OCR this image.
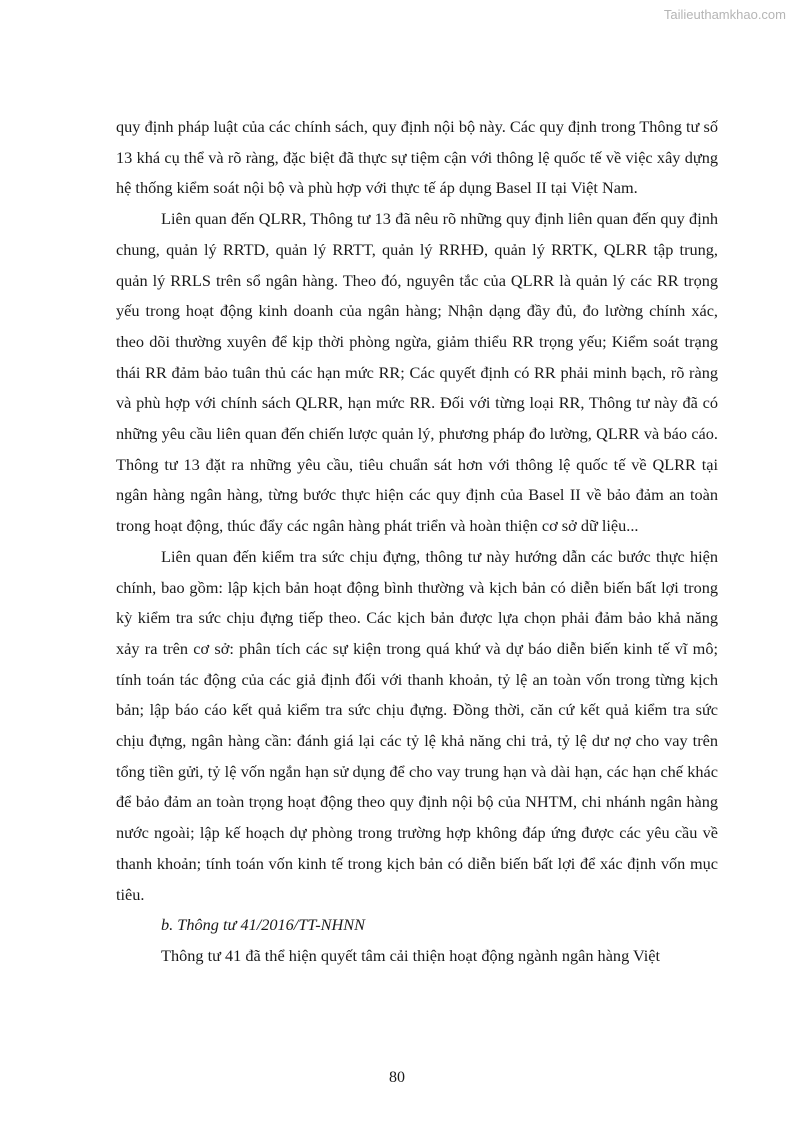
Tailieuthamkhao.com

quy định pháp luật của các chính sách, quy định nội bộ này. Các quy định trong Thông tư số 13 khá cụ thể và rõ ràng, đặc biệt đã thực sự tiệm cận với thông lệ quốc tế về việc xây dựng hệ thống kiểm soát nội bộ và phù hợp với thực tế áp dụng Basel II tại Việt Nam.

Liên quan đến QLRR, Thông tư 13 đã nêu rõ những quy định liên quan đến quy định chung, quản lý RRTD, quản lý RRTT, quản lý RRHĐ, quản lý RRTK, QLRR tập trung, quản lý RRLS trên sổ ngân hàng. Theo đó, nguyên tắc của QLRR là quản lý các RR trọng yếu trong hoạt động kinh doanh của ngân hàng; Nhận dạng đầy đủ, đo lường chính xác, theo dõi thường xuyên để kịp thời phòng ngừa, giảm thiểu RR trọng yếu; Kiểm soát trạng thái RR đảm bảo tuân thủ các hạn mức RR; Các quyết định có RR phải minh bạch, rõ ràng và phù hợp với chính sách QLRR, hạn mức RR. Đối với từng loại RR, Thông tư này đã có những yêu cầu liên quan đến chiến lược quản lý, phương pháp đo lường, QLRR và báo cáo. Thông tư 13 đặt ra những yêu cầu, tiêu chuẩn sát hơn với thông lệ quốc tế về QLRR tại ngân hàng ngân hàng, từng bước thực hiện các quy định của Basel II về bảo đảm an toàn trong hoạt động, thúc đẩy các ngân hàng phát triển và hoàn thiện cơ sở dữ liệu...

Liên quan đến kiểm tra sức chịu đựng, thông tư này hướng dẫn các bước thực hiện chính, bao gồm: lập kịch bản hoạt động bình thường và kịch bản có diễn biến bất lợi trong kỳ kiểm tra sức chịu đựng tiếp theo. Các kịch bản được lựa chọn phải đảm bảo khả năng xảy ra trên cơ sở: phân tích các sự kiện trong quá khứ và dự báo diễn biến kinh tế vĩ mô; tính toán tác động của các giả định đối với thanh khoản, tỷ lệ an toàn vốn trong từng kịch bản; lập báo cáo kết quả kiểm tra sức chịu đựng. Đồng thời, căn cứ kết quả kiểm tra sức chịu đựng, ngân hàng cần: đánh giá lại các tỷ lệ khả năng chi trả, tỷ lệ dư nợ cho vay trên tổng tiền gửi, tỷ lệ vốn ngắn hạn sử dụng để cho vay trung hạn và dài hạn, các hạn chế khác để bảo đảm an toàn trọng hoạt động theo quy định nội bộ của NHTM, chi nhánh ngân hàng nước ngoài; lập kế hoạch dự phòng trong trường hợp không đáp ứng được các yêu cầu về thanh khoản; tính toán vốn kinh tế trong kịch bản có diễn biến bất lợi để xác định vốn mục tiêu.

b. Thông tư 41/2016/TT-NHNN

Thông tư 41 đã thể hiện quyết tâm cải thiện hoạt động ngành ngân hàng Việt

80
